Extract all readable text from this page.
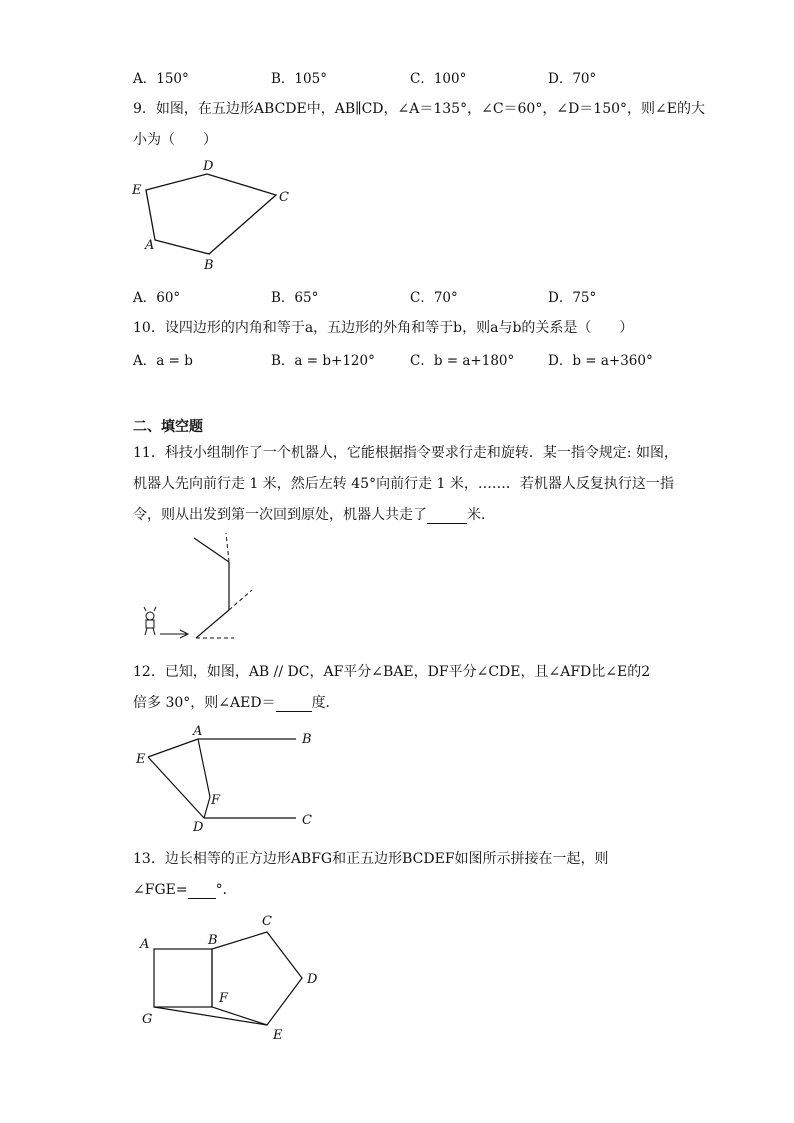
A．150°	B．105°	C．100°	D．70°
9．如图，在五边形ABCDE中，AB∥CD，∠A＝135°，∠C＝60°，∠D＝150°，则∠E的大
小为（　　）
D
E	C
A
B
A．60°	B．65°	C．70°	D．75°
10．设四边形的内角和等于a，五边形的外角和等于b，则a与b的关系是（　　）
A．a = b	B．a = b+120°	C．b = a+180°	D．b = a+360°
二、填空题
11．科技小组制作了一个机器人，它能根据指令要求行走和旋转．某一指令规定: 如图，
机器人先向前行走 1 米，然后左转 45°向前行走 1 米，……．若机器人反复执行这一指
令，则从出发到第一次回到原处，机器人共走了	米．
12．已知，如图，AB // DC，AF平分∠BAE，DF平分∠CDE，且∠AFD比∠E的2
倍多 30°，则∠AED＝	度．
A
B
E
F
D	C
13．边长相等的正方边形ABFG和正五边形BCDEF如图所示拼接在一起，则
∠FGE= °．
A	B
C
D
F
G
E
